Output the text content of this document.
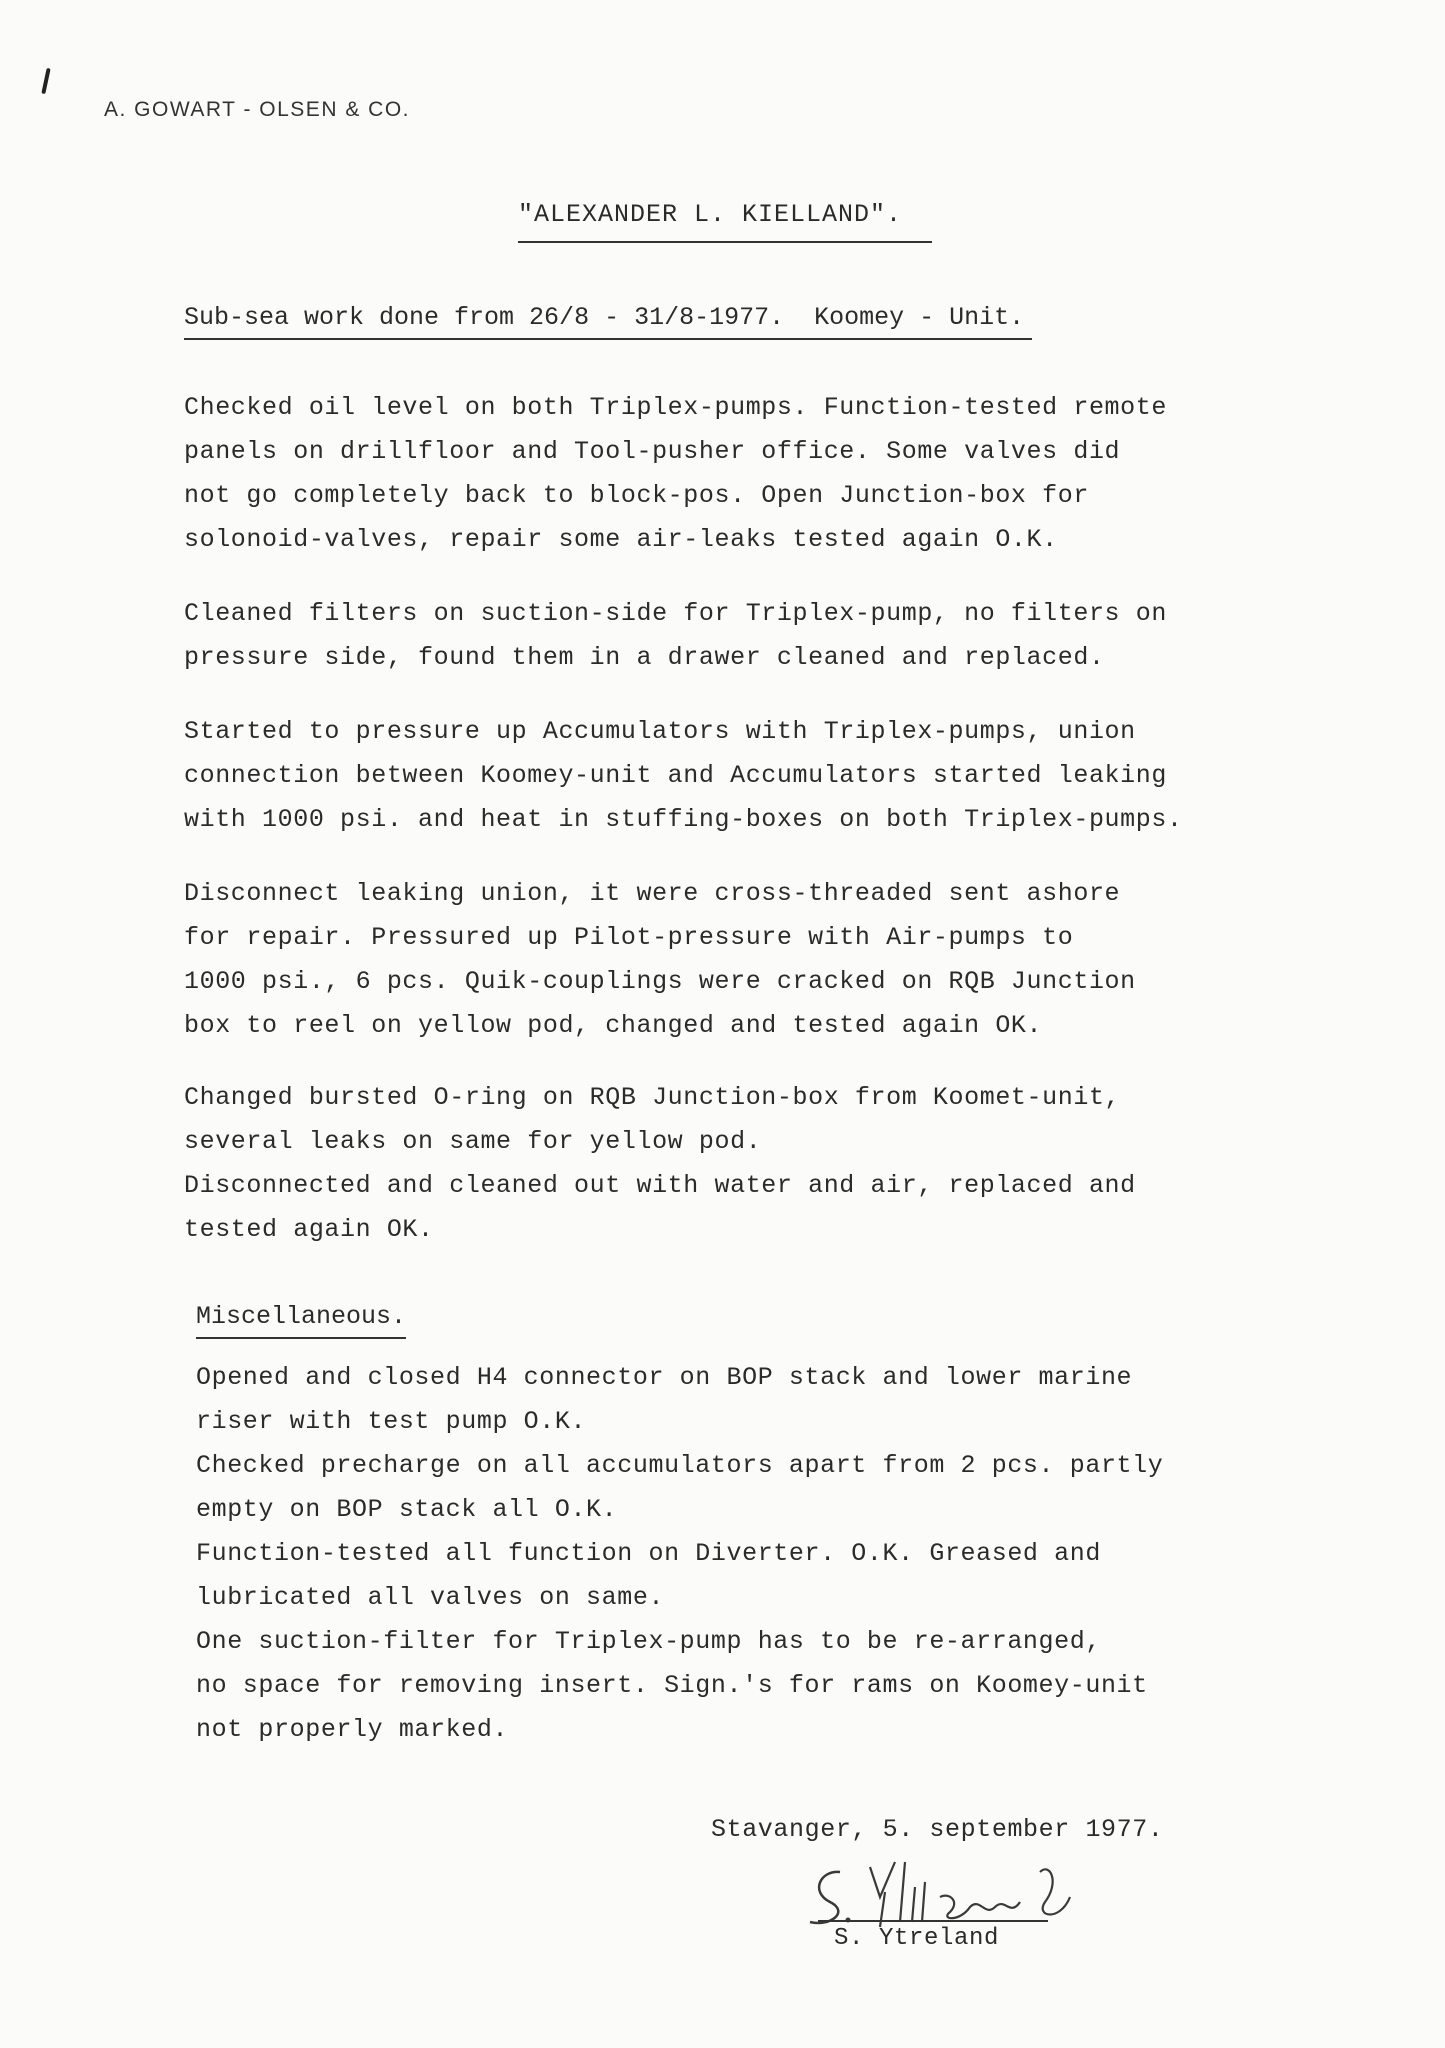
A. GOWART - OLSEN & CO.
"ALEXANDER L. KIELLAND".
Sub-sea work done from 26/8 - 31/8-1977.  Koomey - Unit.

Checked oil level on both Triplex-pumps. Function-tested remote
panels on drillfloor and Tool-pusher office. Some valves did
not go completely back to block-pos. Open Junction-box for
solonoid-valves, repair some air-leaks tested again O.K.

Cleaned filters on suction-side for Triplex-pump, no filters on
pressure side, found them in a drawer cleaned and replaced.

Started to pressure up Accumulators with Triplex-pumps, union
connection between Koomey-unit and Accumulators started leaking
with 1000 psi. and heat in stuffing-boxes on both Triplex-pumps.

Disconnect leaking union, it were cross-threaded sent ashore
for repair. Pressured up Pilot-pressure with Air-pumps to
1000 psi., 6 pcs. Quik-couplings were cracked on RQB Junction
box to reel on yellow pod, changed and tested again OK.

Changed bursted O-ring on RQB Junction-box from Koomet-unit,
several leaks on same for yellow pod.
Disconnected and cleaned out with water and air, replaced and
tested again OK.

Miscellaneous.

Opened and closed H4 connector on BOP stack and lower marine
riser with test pump O.K.
Checked precharge on all accumulators apart from 2 pcs. partly
empty on BOP stack all O.K.
Function-tested all function on Diverter. O.K. Greased and
lubricated all valves on same.
One suction-filter for Triplex-pump has to be re-arranged,
no space for removing insert. Sign.'s for rams on Koomey-unit
not properly marked.

Stavanger, 5. september 1977.
S. Ytreland
